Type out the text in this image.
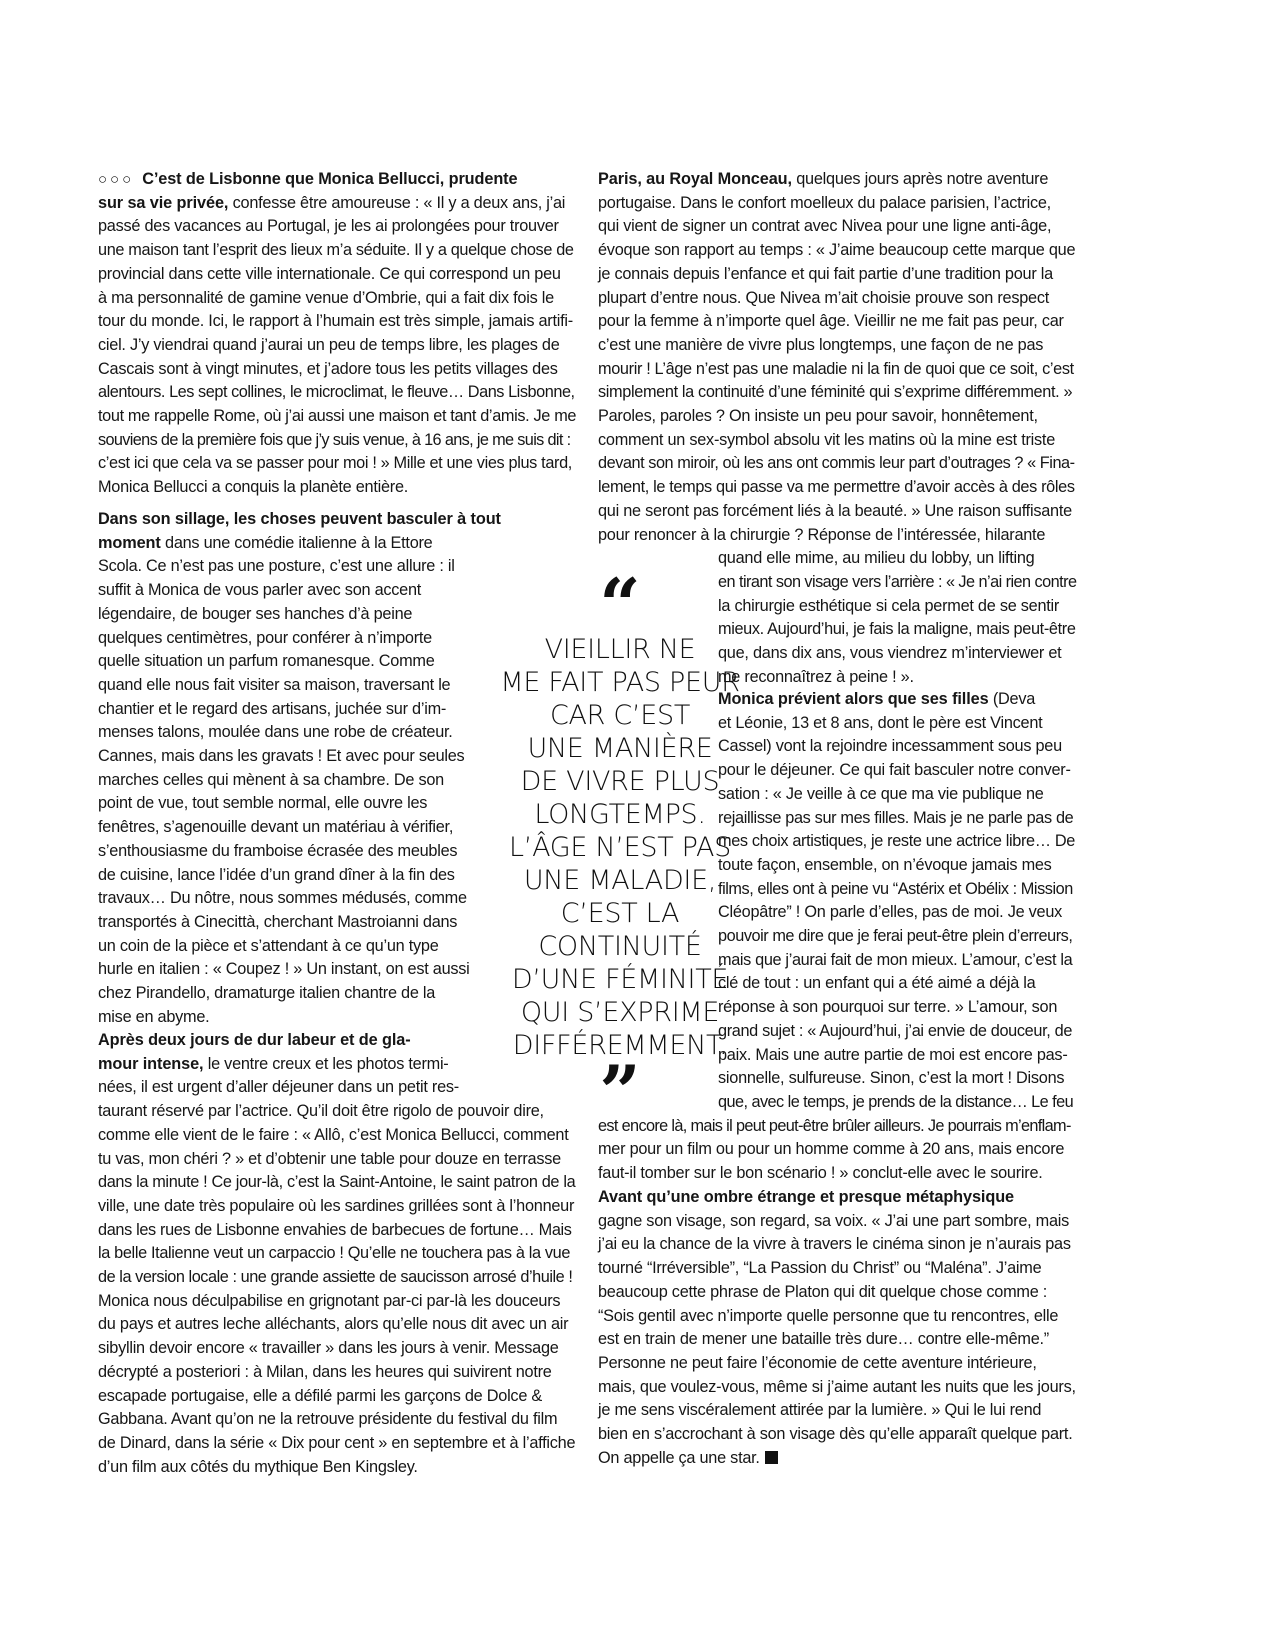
○○○ C’est de Lisbonne que Monica Bellucci, prudente
sur sa vie privée, confesse être amoureuse : « Il y a deux ans, j’ai
passé des vacances au Portugal, je les ai prolongées pour trouver
une maison tant l’esprit des lieux m’a séduite. Il y a quelque chose de
provincial dans cette ville internationale. Ce qui correspond un peu
à ma personnalité de gamine venue d’Ombrie, qui a fait dix fois le
tour du monde. Ici, le rapport à l’humain est très simple, jamais artifi-
ciel. J’y viendrai quand j’aurai un peu de temps libre, les plages de
Cascais sont à vingt minutes, et j’adore tous les petits villages des
alentours. Les sept collines, le microclimat, le fleuve… Dans Lisbonne,
tout me rappelle Rome, où j’ai aussi une maison et tant d’amis. Je me
souviens de la première fois que j’y suis venue, à 16 ans, je me suis dit :
c’est ici que cela va se passer pour moi ! » Mille et une vies plus tard,
Monica Bellucci a conquis la planète entière.
Dans son sillage, les choses peuvent basculer à tout
moment dans une comédie italienne à la Ettore
Scola. Ce n’est pas une posture, c’est une allure : il
suffit à Monica de vous parler avec son accent
légendaire, de bouger ses hanches d’à peine
quelques centimètres, pour conférer à n’importe
quelle situation un parfum romanesque. Comme
quand elle nous fait visiter sa maison, traversant le
chantier et le regard des artisans, juchée sur d’im-
menses talons, moulée dans une robe de créateur.
Cannes, mais dans les gravats ! Et avec pour seules
marches celles qui mènent à sa chambre. De son
point de vue, tout semble normal, elle ouvre les
fenêtres, s’agenouille devant un matériau à vérifier,
s’enthousiasme du framboise écrasée des meubles
de cuisine, lance l’idée d’un grand dîner à la fin des
travaux… Du nôtre, nous sommes médusés, comme
transportés à Cinecittà, cherchant Mastroianni dans
un coin de la pièce et s’attendant à ce qu’un type
hurle en italien : « Coupez ! » Un instant, on est aussi
chez Pirandello, dramaturge italien chantre de la
mise en abyme.
Après deux jours de dur labeur et de gla-
mour intense, le ventre creux et les photos termi-
nées, il est urgent d’aller déjeuner dans un petit res-
taurant réservé par l’actrice. Qu’il doit être rigolo de pouvoir dire,
comme elle vient de le faire : « Allô, c’est Monica Bellucci, comment
tu vas, mon chéri ? » et d’obtenir une table pour douze en terrasse
dans la minute ! Ce jour-là, c’est la Saint-Antoine, le saint patron de la
ville, une date très populaire où les sardines grillées sont à l’honneur
dans les rues de Lisbonne envahies de barbecues de fortune… Mais
la belle Italienne veut un carpaccio ! Qu’elle ne touchera pas à la vue
de la version locale : une grande assiette de saucisson arrosé d’huile !
Monica nous déculpabilise en grignotant par-ci par-là les douceurs
du pays et autres leche alléchants, alors qu’elle nous dit avec un air
sibyllin devoir encore « travailler » dans les jours à venir. Message
décrypté a posteriori : à Milan, dans les heures qui suivirent notre
escapade portugaise, elle a défilé parmi les garçons de Dolce &
Gabbana. Avant qu’on ne la retrouve présidente du festival du film
de Dinard, dans la série « Dix pour cent » en septembre et à l’affiche
d’un film aux côtés du mythique Ben Kingsley.
Paris, au Royal Monceau, quelques jours après notre aventure
portugaise. Dans le confort moelleux du palace parisien, l’actrice,
qui vient de signer un contrat avec Nivea pour une ligne anti-âge,
évoque son rapport au temps : « J’aime beaucoup cette marque que
je connais depuis l’enfance et qui fait partie d’une tradition pour la
plupart d’entre nous. Que Nivea m’ait choisie prouve son respect
pour la femme à n’importe quel âge. Vieillir ne me fait pas peur, car
c’est une manière de vivre plus longtemps, une façon de ne pas
mourir ! L’âge n’est pas une maladie ni la fin de quoi que ce soit, c’est
simplement la continuité d’une féminité qui s’exprime différemment. »
Paroles, paroles ? On insiste un peu pour savoir, honnêtement,
comment un sex-symbol absolu vit les matins où la mine est triste
devant son miroir, où les ans ont commis leur part d’outrages ? « Fina-
lement, le temps qui passe va me permettre d’avoir accès à des rôles
qui ne seront pas forcément liés à la beauté. » Une raison suffisante
pour renoncer à la chirurgie ? Réponse de l’intéressée, hilarante
quand elle mime, au milieu du lobby, un lifting
en tirant son visage vers l’arrière : « Je n’ai rien contre
la chirurgie esthétique si cela permet de se sentir
mieux. Aujourd’hui, je fais la maligne, mais peut-être
que, dans dix ans, vous viendrez m’interviewer et
me reconnaîtrez à peine ! ».
Monica prévient alors que ses filles (Deva
et Léonie, 13 et 8 ans, dont le père est Vincent
Cassel) vont la rejoindre incessamment sous peu
pour le déjeuner. Ce qui fait basculer notre conver-
sation : « Je veille à ce que ma vie publique ne
rejaillisse pas sur mes filles. Mais je ne parle pas de
mes choix artistiques, je reste une actrice libre… De
toute façon, ensemble, on n’évoque jamais mes
films, elles ont à peine vu “Astérix et Obélix : Mission
Cléopâtre” ! On parle d’elles, pas de moi. Je veux
pouvoir me dire que je ferai peut-être plein d’erreurs,
mais que j’aurai fait de mon mieux. L’amour, c’est la
clé de tout : un enfant qui a été aimé a déjà la
réponse à son pourquoi sur terre. » L’amour, son
grand sujet : « Aujourd’hui, j’ai envie de douceur, de
paix. Mais une autre partie de moi est encore pas-
sionnelle, sulfureuse. Sinon, c’est la mort ! Disons
que, avec le temps, je prends de la distance… Le feu
est encore là, mais il peut peut-être brûler ailleurs. Je pourrais m’enflam-
mer pour un film ou pour un homme comme à 20 ans, mais encore
faut-il tomber sur le bon scénario ! » conclut-elle avec le sourire.
Avant qu’une ombre étrange et presque métaphysique
gagne son visage, son regard, sa voix. « J’ai une part sombre, mais
j’ai eu la chance de la vivre à travers le cinéma sinon je n’aurais pas
tourné “Irréversible”, “La Passion du Christ” ou “Maléna”. J’aime
beaucoup cette phrase de Platon qui dit quelque chose comme :
“Sois gentil avec n’importe quelle personne que tu rencontres, elle
est en train de mener une bataille très dure… contre elle-même.”
Personne ne peut faire l’économie de cette aventure intérieure,
mais, que voulez-vous, même si j’aime autant les nuits que les jours,
je me sens viscéralement attirée par la lumière. » Qui le lui rend
bien en s’accrochant à son visage dès qu’elle apparaît quelque part.
On appelle ça une star.
“
VIEILLIR NE
ME FAIT PAS PEUR
CAR C’EST
UNE MANIÈRE
DE VIVRE PLUS
LONGTEMPS.
L’ÂGE N’EST PAS
UNE MALADIE,
C’EST LA
CONTINUITÉ
D’UNE FÉMINITÉ
QUI S’EXPRIME
DIFFÉREMMENT.
”
